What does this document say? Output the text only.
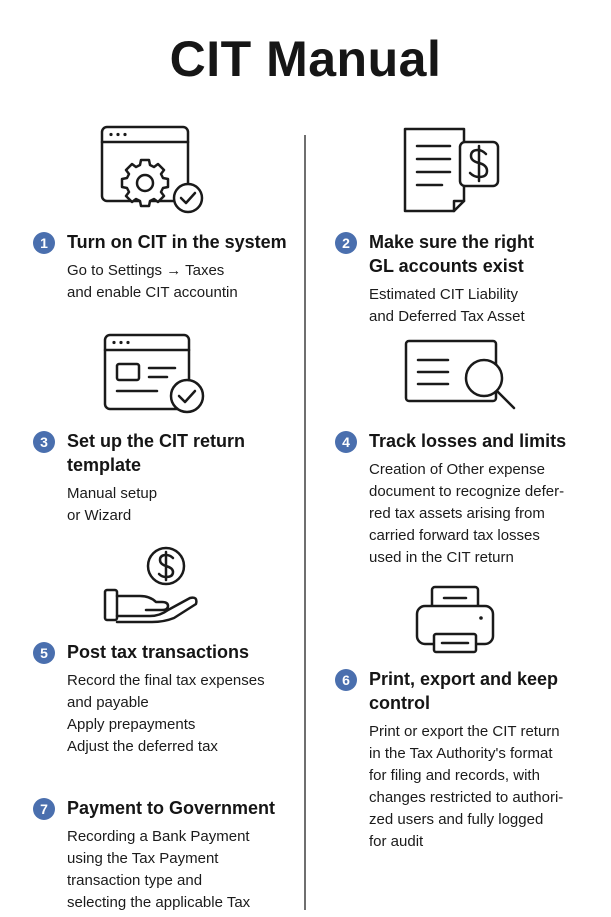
CIT Manual
1	Turn on CIT in the system
Go to Settings → Taxes
and enable CIT accountin
2	Make sure the right
GL accounts exist
Estimated CIT Liability
and Deferred Tax Asset
3	Set up the CIT return
template
Manual setup
or Wizard
4	Track losses and limits
Creation of Other expense
document to recognize defer-
red tax assets arising from
carried forward tax losses
used in the CIT return
5	Post tax transactions
Record the final tax expenses
and payable
Apply prepayments
Adjust the deferred tax
6	Print, export and keep
control
Print or export the CIT return
in the Tax Authority's format
for filing and records, with
changes restricted to authori-
zed users and fully logged
for audit
7	Payment to Government
Recording a Bank Payment
using the Tax Payment
transaction type and
selecting the applicable Tax
